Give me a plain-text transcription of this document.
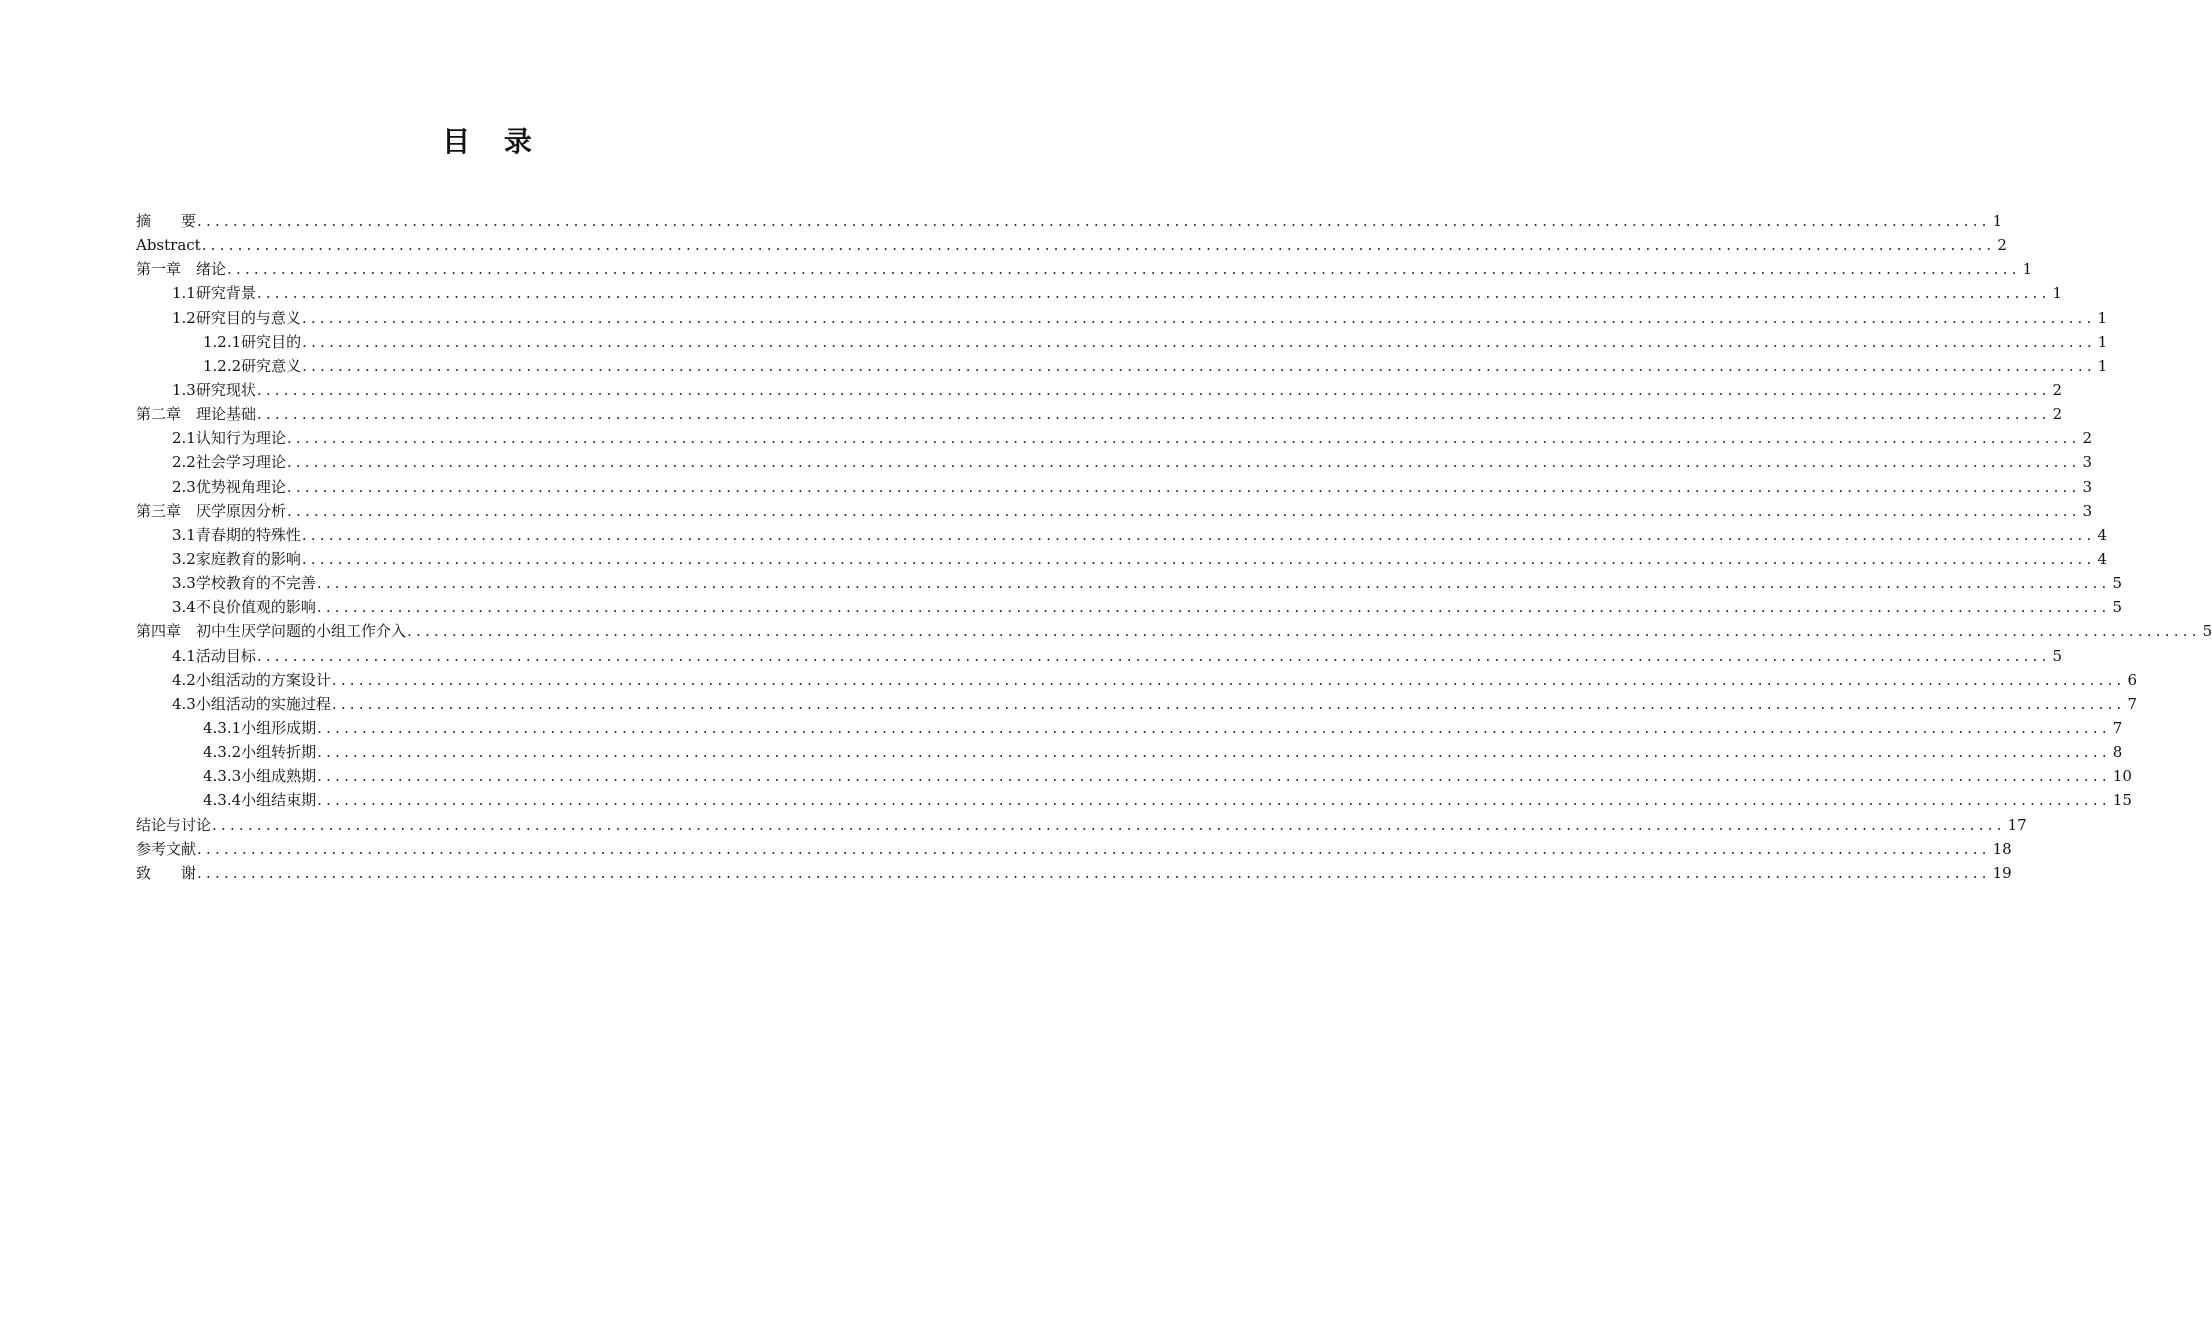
目 录
摘　　要 ........................................................................................................................................................................................................ 1
Abstract ........................................................................................................................................................................................................ 2
第一章　绪论 ........................................................................................................................................................................................................ 1
1.1研究背景 ........................................................................................................................................................................................................ 1
1.2研究目的与意义 ........................................................................................................................................................................................................ 1
1.2.1研究目的 ........................................................................................................................................................................................................ 1
1.2.2研究意义 ........................................................................................................................................................................................................ 1
1.3研究现状 ........................................................................................................................................................................................................ 2
第二章　理论基础 ........................................................................................................................................................................................................ 2
2.1认知行为理论 ........................................................................................................................................................................................................ 2
2.2社会学习理论 ........................................................................................................................................................................................................ 3
2.3优势视角理论 ........................................................................................................................................................................................................ 3
第三章　厌学原因分析 ........................................................................................................................................................................................................ 3
3.1青春期的特殊性 ........................................................................................................................................................................................................ 4
3.2家庭教育的影响 ........................................................................................................................................................................................................ 4
3.3学校教育的不完善 ........................................................................................................................................................................................................ 5
3.4不良价值观的影响 ........................................................................................................................................................................................................ 5
第四章　初中生厌学问题的小组工作介入 ........................................................................................................................................................................................................ 5
4.1活动目标 ........................................................................................................................................................................................................ 5
4.2小组活动的方案设计 ........................................................................................................................................................................................................ 6
4.3小组活动的实施过程 ........................................................................................................................................................................................................ 7
4.3.1小组形成期 ........................................................................................................................................................................................................ 7
4.3.2小组转折期 ........................................................................................................................................................................................................ 8
4.3.3小组成熟期 ........................................................................................................................................................................................................ 10
4.3.4小组结束期 ........................................................................................................................................................................................................ 15
结论与讨论 ........................................................................................................................................................................................................ 17
参考文献 ........................................................................................................................................................................................................ 18
致　　谢 ........................................................................................................................................................................................................ 19
